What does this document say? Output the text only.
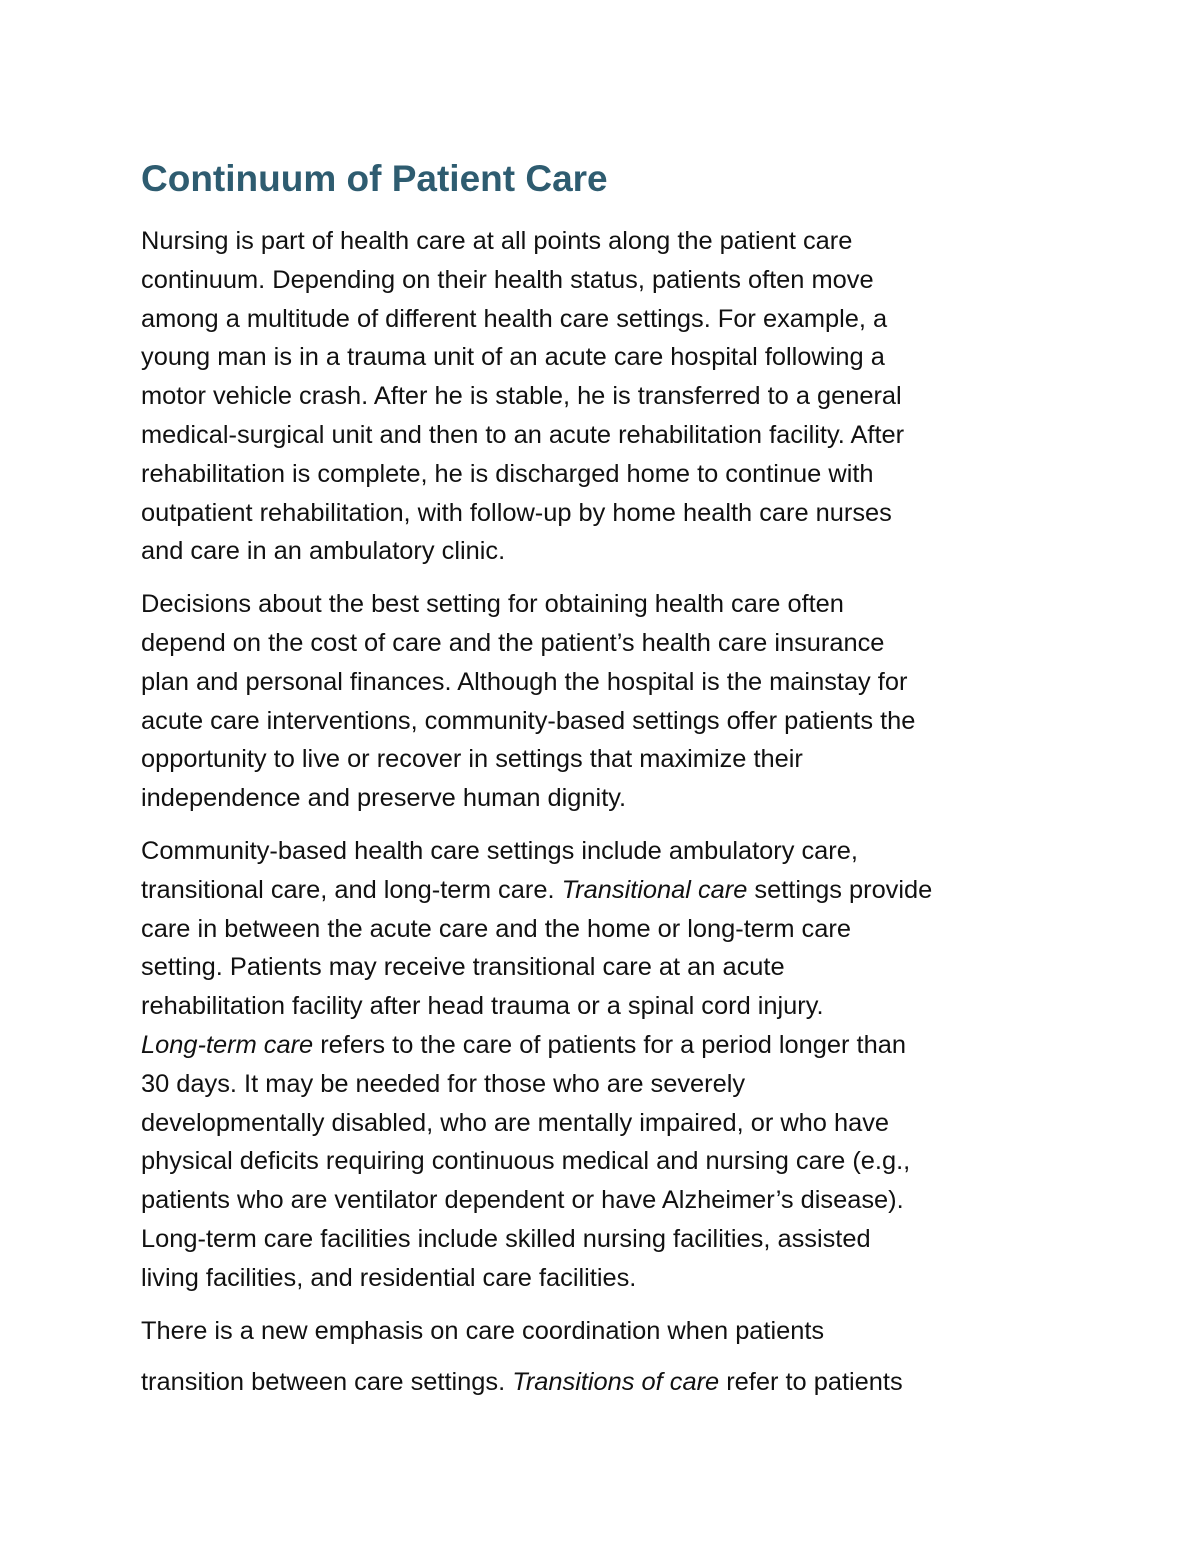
Continuum of Patient Care

Nursing is part of health care at all points along the patient care
continuum. Depending on their health status, patients often move
among a multitude of different health care settings. For example, a
young man is in a trauma unit of an acute care hospital following a
motor vehicle crash. After he is stable, he is transferred to a general
medical-surgical unit and then to an acute rehabilitation facility. After
rehabilitation is complete, he is discharged home to continue with
outpatient rehabilitation, with follow-up by home health care nurses
and care in an ambulatory clinic.

Decisions about the best setting for obtaining health care often
depend on the cost of care and the patient’s health care insurance
plan and personal finances. Although the hospital is the mainstay for
acute care interventions, community-based settings offer patients the
opportunity to live or recover in settings that maximize their
independence and preserve human dignity.

Community-based health care settings include ambulatory care,
transitional care, and long-term care. Transitional care settings provide
care in between the acute care and the home or long-term care
setting. Patients may receive transitional care at an acute
rehabilitation facility after head trauma or a spinal cord injury.
Long-term care refers to the care of patients for a period longer than
30 days. It may be needed for those who are severely
developmentally disabled, who are mentally impaired, or who have
physical deficits requiring continuous medical and nursing care (e.g.,
patients who are ventilator dependent or have Alzheimer’s disease).
Long-term care facilities include skilled nursing facilities, assisted
living facilities, and residential care facilities.

There is a new emphasis on care coordination when patients
transition between care settings. Transitions of care refer to patients
